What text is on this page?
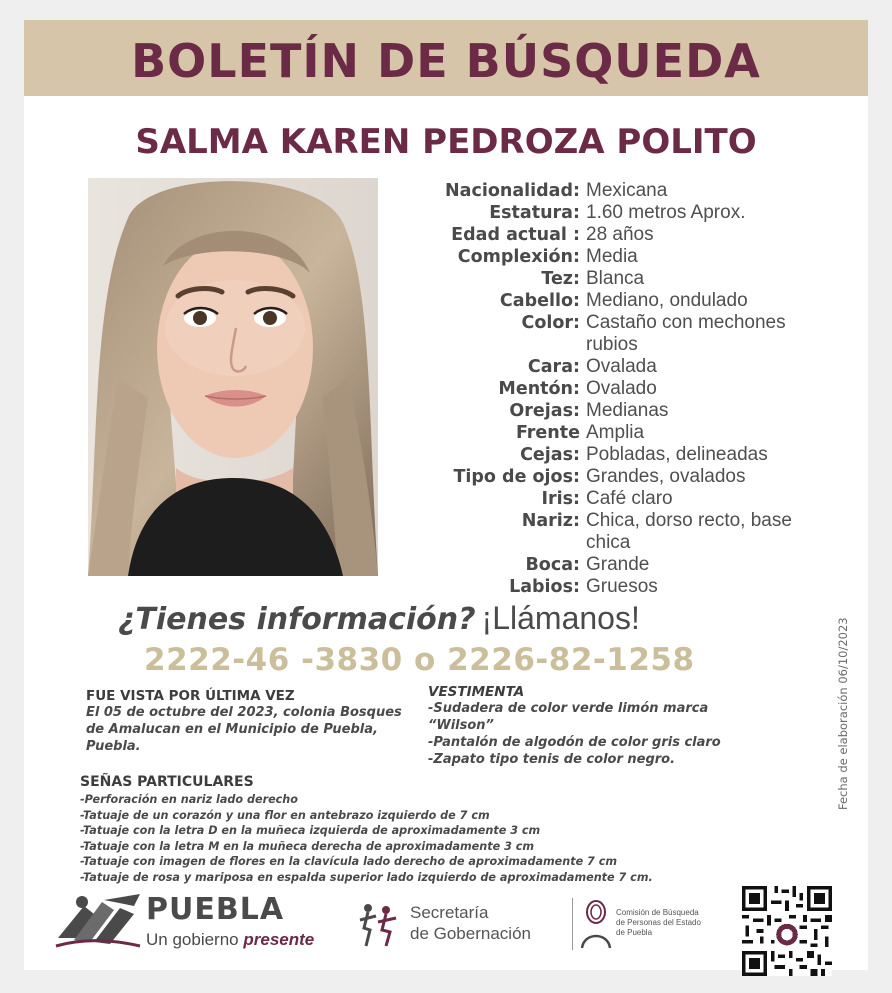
BOLETÍN DE BÚSQUEDA
SALMA KAREN PEDROZA POLITO
Nacionalidad: Mexicana
Estatura: 1.60 metros Aprox.
Edad actual : 28 años
Complexión: Media
Tez: Blanca
Cabello: Mediano, ondulado
Color: Castaño con mechones rubios
Cara: Ovalada
Mentón: Ovalado
Orejas: Medianas
Frente Amplia
Cejas: Pobladas, delineadas
Tipo de ojos: Grandes, ovalados
Iris: Café claro
Nariz: Chica, dorso recto, base chica
Boca: Grande
Labios: Gruesos
¿Tienes información? ¡Llámanos!
2222-46 -3830 o 2226-82-1258
FUE VISTA POR ÚLTIMA VEZ
El 05 de octubre del 2023, colonia Bosques de Amalucan en el Municipio de Puebla, Puebla.
VESTIMENTA
-Sudadera de color verde limón marca “Wilson”
-Pantalón de algodón de color gris claro
-Zapato tipo tenis de color negro.
SEÑAS PARTICULARES
-Perforación en nariz lado derecho
-Tatuaje de un corazón y una flor en antebrazo izquierdo de 7 cm
-Tatuaje con la letra D en la muñeca izquierda de aproximadamente 3 cm
-Tatuaje con la letra M en la muñeca derecha de aproximadamente 3 cm
-Tatuaje con imagen de flores en la clavícula lado derecho de aproximadamente 7 cm
-Tatuaje de rosa y mariposa en espalda superior lado izquierdo de aproximadamente 7 cm.
Fecha de elaboración 06/10/2023
PUEBLA
Un gobierno presente
Secretaría
de Gobernación
Comisión de Búsqueda
de Personas del Estado
de Puebla
